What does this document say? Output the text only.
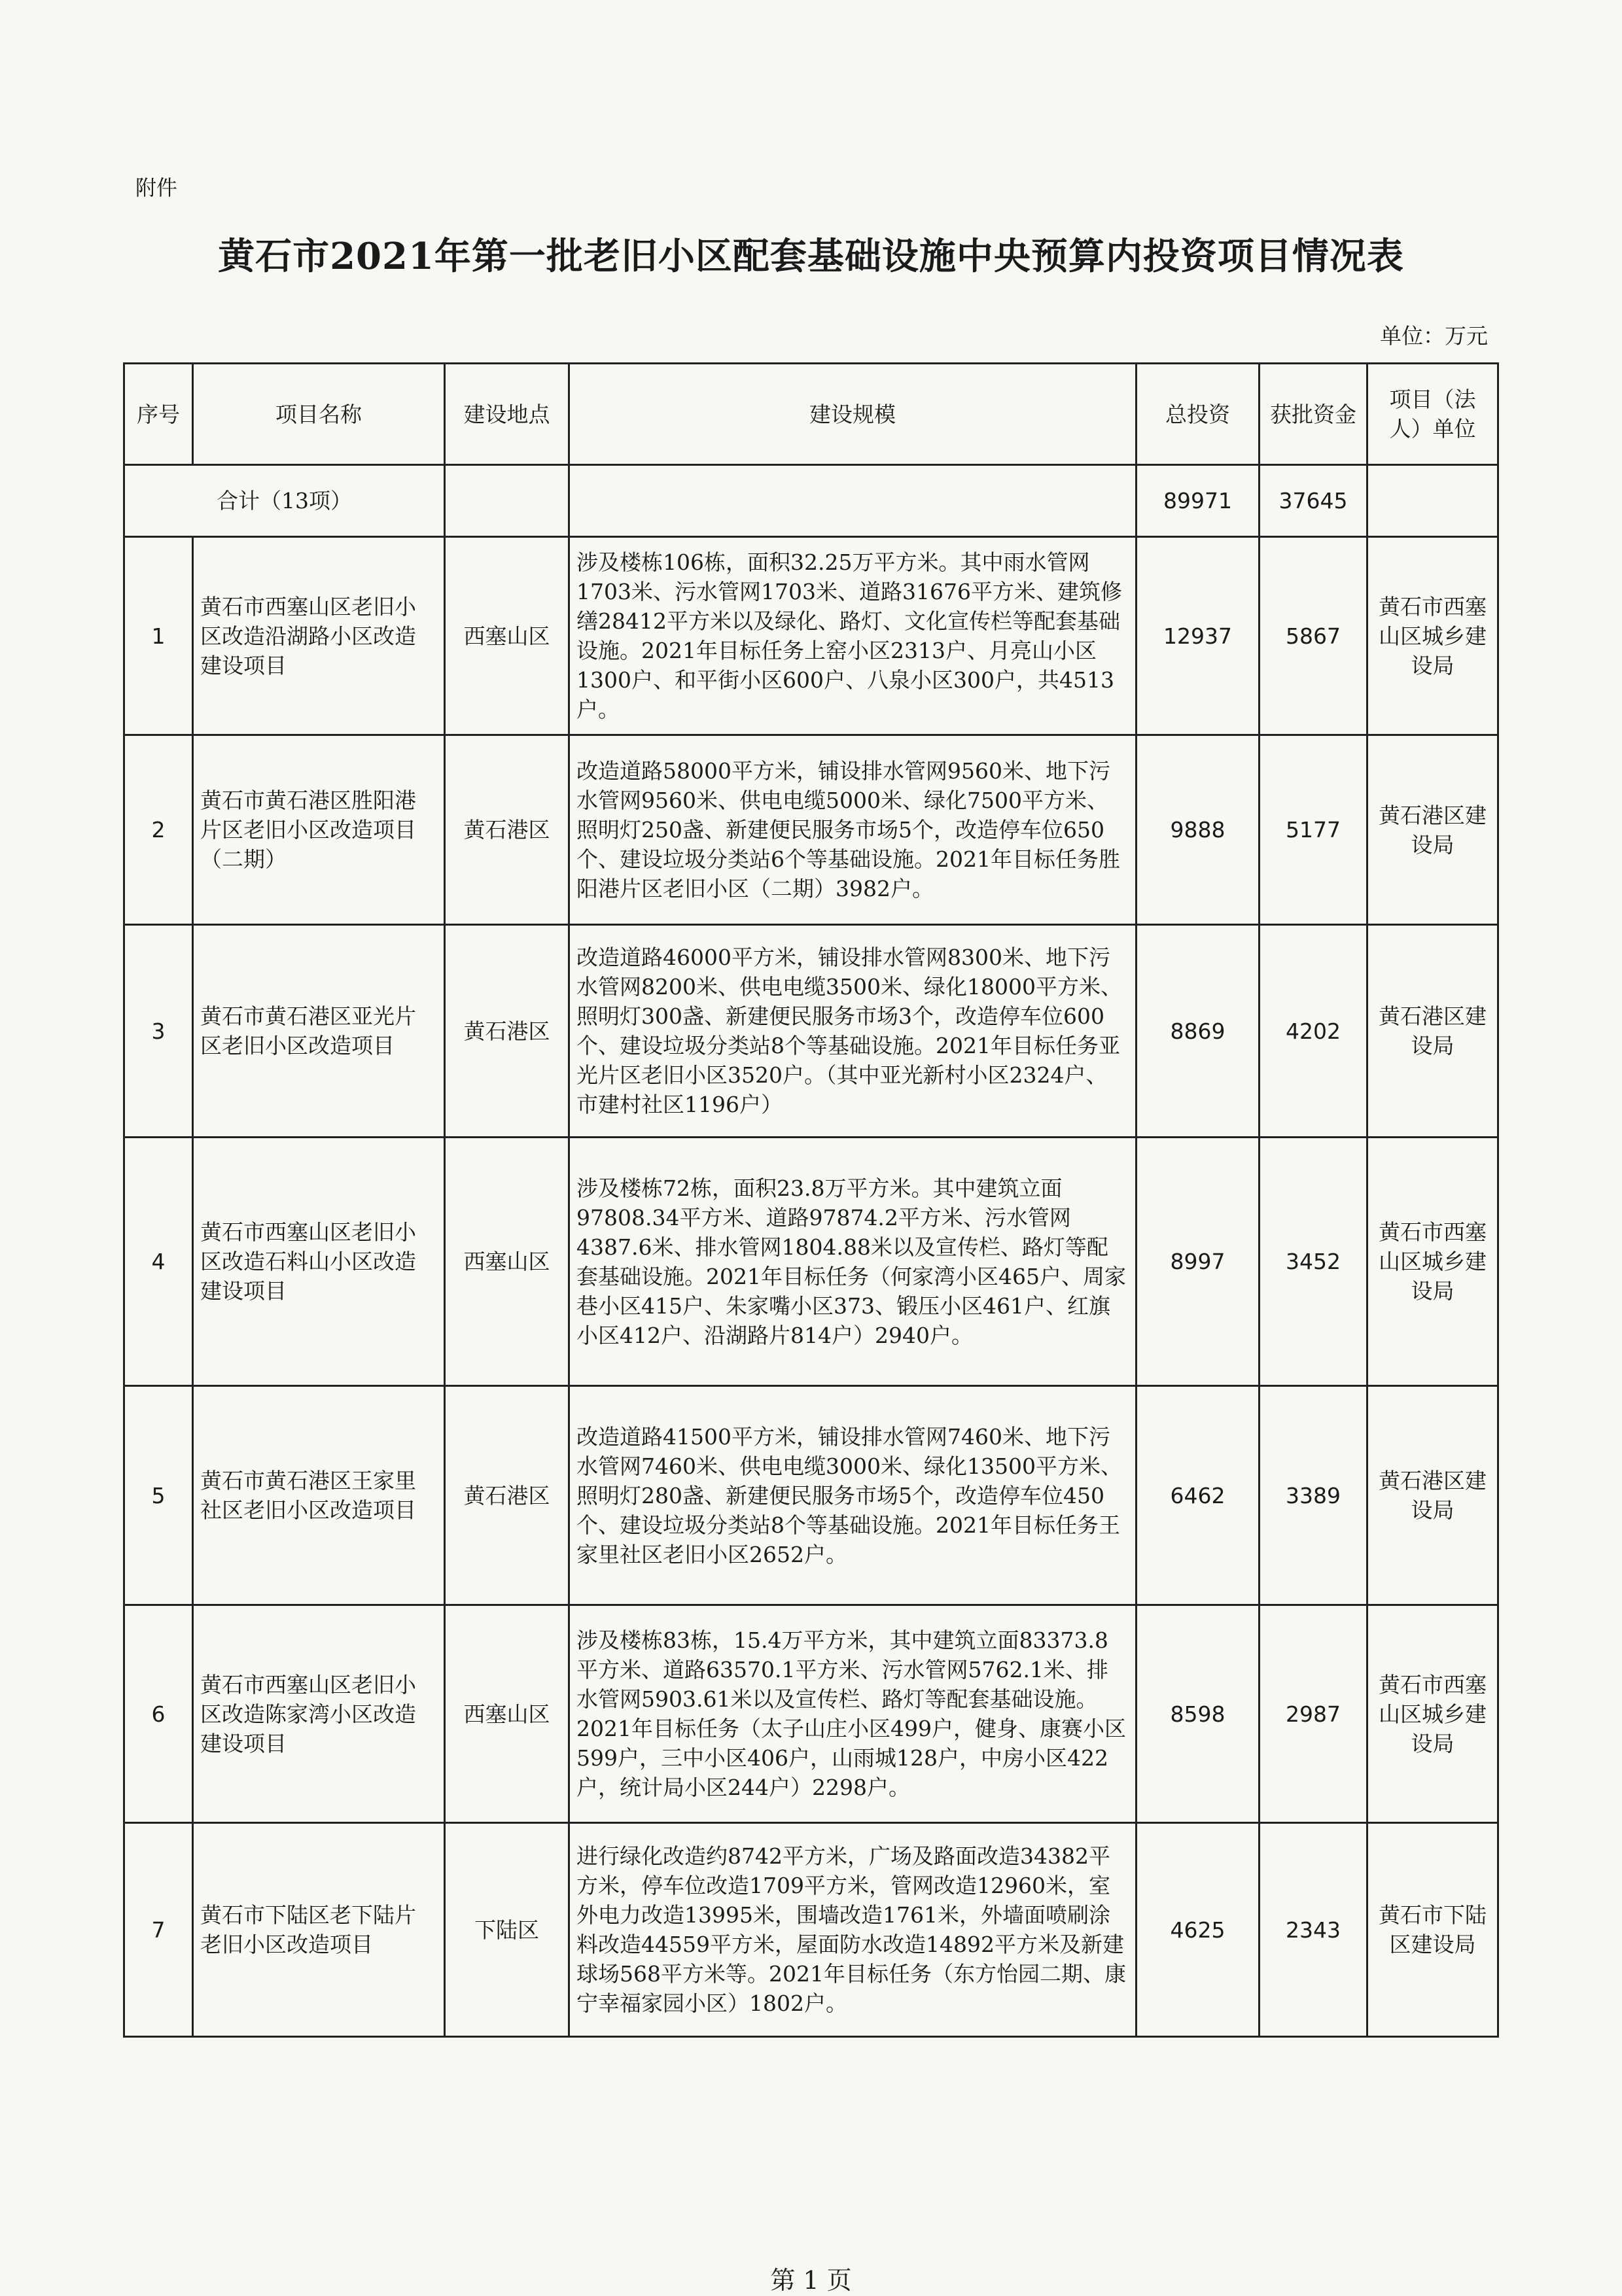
附件
黄石市2021年第一批老旧小区配套基础设施中央预算内投资项目情况表
单位：万元
序号	项目名称	建设地点	建设规模	总投资	获批资金	项目（法人）单位
合计（13项）				89971	37645	
1	黄石市西塞山区老旧小区改造沿湖路小区改造建设项目	西塞山区	涉及楼栋106栋，面积32.25万平方米。其中雨水管网1703米、污水管网1703米、道路31676平方米、建筑修缮28412平方米以及绿化、路灯、文化宣传栏等配套基础设施。2021年目标任务上窑小区2313户、月亮山小区1300户、和平街小区600户、八泉小区300户，共4513户。	12937	5867	黄石市西塞山区城乡建设局
2	黄石市黄石港区胜阳港片区老旧小区改造项目（二期）	黄石港区	改造道路58000平方米，铺设排水管网9560米、地下污水管网9560米、供电电缆5000米、绿化7500平方米、照明灯250盏、新建便民服务市场5个，改造停车位650个、建设垃圾分类站6个等基础设施。2021年目标任务胜阳港片区老旧小区（二期）3982户。	9888	5177	黄石港区建设局
3	黄石市黄石港区亚光片区老旧小区改造项目	黄石港区	改造道路46000平方米，铺设排水管网8300米、地下污水管网8200米、供电电缆3500米、绿化18000平方米、照明灯300盏、新建便民服务市场3个，改造停车位600个、建设垃圾分类站8个等基础设施。2021年目标任务亚光片区老旧小区3520户。（其中亚光新村小区2324户、市建村社区1196户）	8869	4202	黄石港区建设局
4	黄石市西塞山区老旧小区改造石料山小区改造建设项目	西塞山区	涉及楼栋72栋，面积23.8万平方米。其中建筑立面97808.34平方米、道路97874.2平方米、污水管网4387.6米、排水管网1804.88米以及宣传栏、路灯等配套基础设施。2021年目标任务（何家湾小区465户、周家巷小区415户、朱家嘴小区373、锻压小区461户、红旗小区412户、沿湖路片814户）2940户。	8997	3452	黄石市西塞山区城乡建设局
5	黄石市黄石港区王家里社区老旧小区改造项目	黄石港区	改造道路41500平方米，铺设排水管网7460米、地下污水管网7460米、供电电缆3000米、绿化13500平方米、照明灯280盏、新建便民服务市场5个，改造停车位450个、建设垃圾分类站8个等基础设施。2021年目标任务王家里社区老旧小区2652户。	6462	3389	黄石港区建设局
6	黄石市西塞山区老旧小区改造陈家湾小区改造建设项目	西塞山区	涉及楼栋83栋，15.4万平方米，其中建筑立面83373.8平方米、道路63570.1平方米、污水管网5762.1米、排水管网5903.61米以及宣传栏、路灯等配套基础设施。2021年目标任务（太子山庄小区499户，健身、康赛小区599户，三中小区406户，山雨城128户，中房小区422户，统计局小区244户）2298户。	8598	2987	黄石市西塞山区城乡建设局
7	黄石市下陆区老下陆片老旧小区改造项目	下陆区	进行绿化改造约8742平方米，广场及路面改造34382平方米，停车位改造1709平方米，管网改造12960米，室外电力改造13995米，围墙改造1761米，外墙面喷刷涂料改造44559平方米，屋面防水改造14892平方米及新建球场568平方米等。2021年目标任务（东方怡园二期、康宁幸福家园小区）1802户。	4625	2343	黄石市下陆区建设局
第 1 页
